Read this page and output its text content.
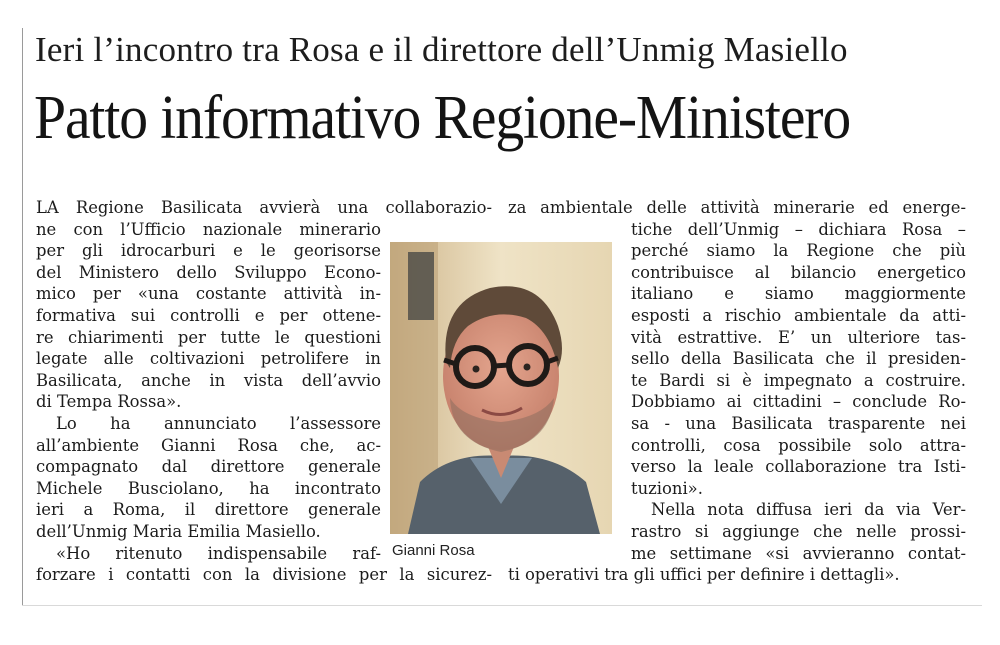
Ieri l’incontro tra Rosa e il direttore dell’Unmig Masiello
Patto informativo Regione-Ministero
LA Regione Basilicata avvierà una collaborazio-
ne con l’Ufficio nazionale minerario
per gli idrocarburi e le georisorse
del Ministero dello Sviluppo Econo-
mico per «una costante attività in-
formativa sui controlli e per ottene-
re chiarimenti per tutte le questioni
legate alle coltivazioni petrolifere in
Basilicata, anche in vista dell’avvio
di Tempa Rossa».
Lo ha annunciato l’assessore
all’ambiente Gianni Rosa che, ac-
compagnato dal direttore generale
Michele Busciolano, ha incontrato
ieri a Roma, il direttore generale
dell’Unmig Maria Emilia Masiello.
«Ho ritenuto indispensabile raf-
forzare i contatti con la divisione per la sicurez-
za ambientale delle attività minerarie ed energe-
tiche dell’Unmig – dichiara Rosa –
perché siamo la Regione che più
contribuisce al bilancio energetico
italiano e siamo maggiormente
esposti a rischio ambientale da atti-
vità estrattive. E’ un ulteriore tas-
sello della Basilicata che il presiden-
te Bardi si è impegnato a costruire.
Dobbiamo ai cittadini – conclude Ro-
sa - una Basilicata trasparente nei
controlli, cosa possibile solo attra-
verso la leale collaborazione tra Isti-
tuzioni».
Nella nota diffusa ieri da via Ver-
rastro si aggiunge che nelle prossi-
me settimane «si avvieranno contat-
ti operativi tra gli uffici per definire i dettagli».
Gianni Rosa
